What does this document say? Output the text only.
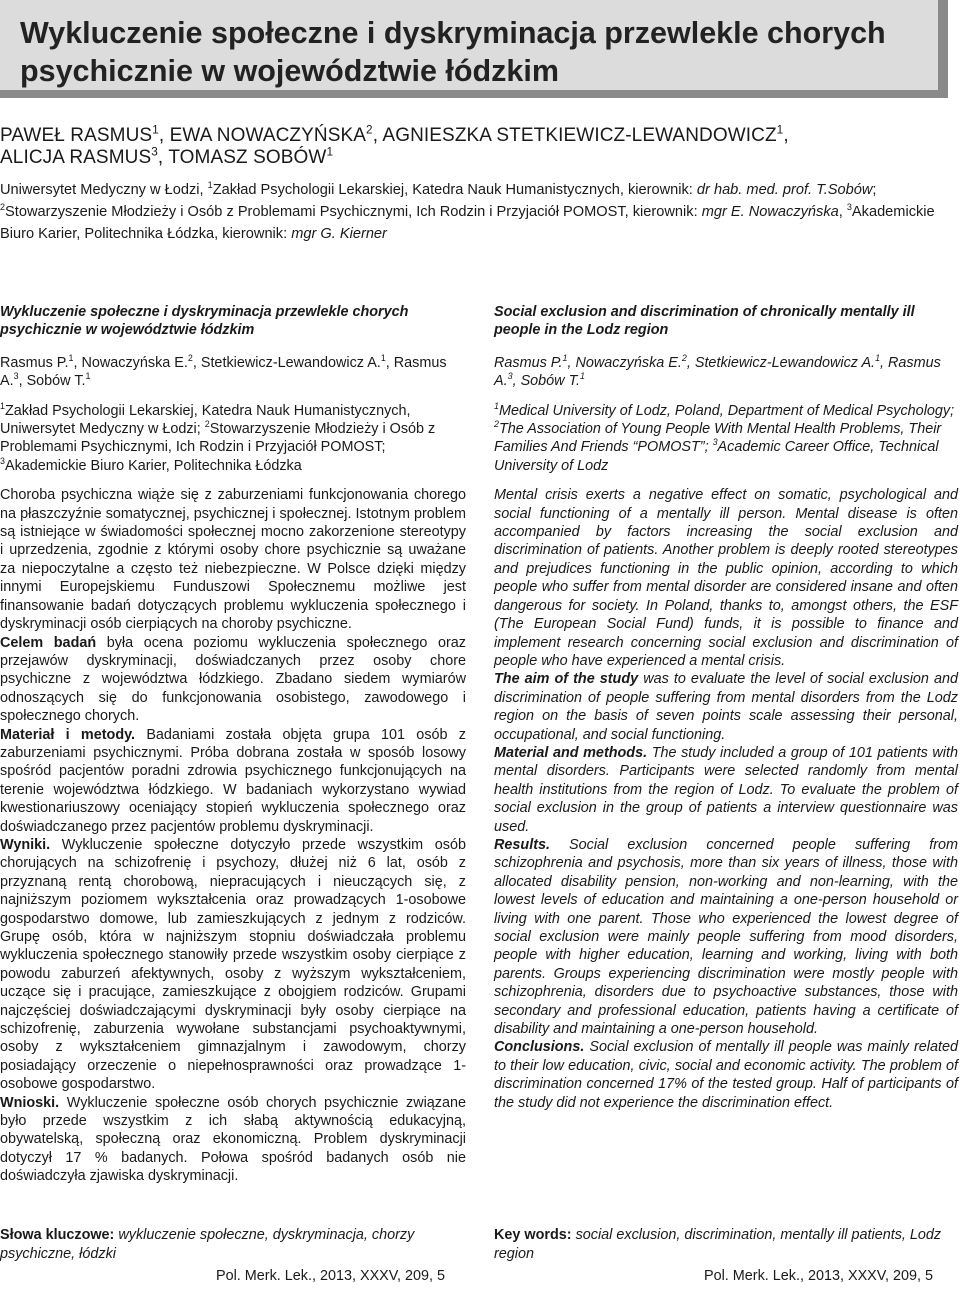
Wykluczenie społeczne i dyskryminacja przewlekle chorych psychicznie w województwie łódzkim
PAWEŁ RASMUS$^1$, EWA NOWACZYŃSKA$^2$, AGNIESZKA STETKIEWICZ-LEWANDOWICZ$^1$,
ALICJA RASMUS$^3$, TOMASZ SOBÓW$^1$
Uniwersytet Medyczny w Łodzi, $^1$Zakład Psychologii Lekarskiej, Katedra Nauk Humanistycznych, kierownik: dr hab. med. prof. T.Sobów;
$^2$Stowarzyszenie Młodzieży i Osób z Problemami Psychicznymi, Ich Rodzin i Przyjaciół POMOST, kierownik: mgr E. Nowaczyńska, $^3$Akademickie Biuro Karier, Politechnika Łódzka, kierownik: mgr G. Kierner

Wykluczenie społeczne i dyskryminacja przewlekle chorych psychicznie w województwie łódzkim

Rasmus P.$^1$, Nowaczyńska E.$^2$, Stetkiewicz-Lewandowicz A.$^1$, Rasmus A.$^3$, Sobów T.$^1$

$^1$Zakład Psychologii Lekarskiej, Katedra Nauk Humanistycznych, Uniwersytet Medyczny w Łodzi; $^2$Stowarzyszenie Młodzieży i Osób z Problemami Psychicznymi, Ich Rodzin i Przyjaciół POMOST; $^3$Akademickie Biuro Karier, Politechnika Łódzka

Choroba psychiczna wiąże się z zaburzeniami funkcjonowania chorego na płaszczyźnie somatycznej, psychicznej i społecznej. Istotnym problem są istniejące w świadomości społecznej mocno zakorzenione stereotypy i uprzedzenia, zgodnie z którymi osoby chore psychicznie są uważane za niepoczytalne a często też niebezpieczne. W Polsce dzięki między innymi Europejskiemu Funduszowi Społecznemu możliwe jest finansowanie badań dotyczących problemu wykluczenia społecznego i dyskryminacji osób cierpiących na choroby psychiczne.

Celem badań była ocena poziomu wykluczenia społecznego oraz przejawów dyskryminacji, doświadczanych przez osoby chore psychiczne z województwa łódzkiego. Zbadano siedem wymiarów odnoszących się do funkcjonowania osobistego, zawodowego i społecznego chorych.

Materiał i metody. Badaniami została objęta grupa 101 osób z zaburzeniami psychicznymi. Próba dobrana została w sposób losowy spośród pacjentów poradni zdrowia psychicznego funkcjonujących na terenie województwa łódzkiego. W badaniach wykorzystano wywiad kwestionariuszowy oceniający stopień wykluczenia społecznego oraz doświadczanego przez pacjentów problemu dyskryminacji.

Wyniki. Wykluczenie społeczne dotyczyło przede wszystkim osób chorujących na schizofrenię i psychozy, dłużej niż 6 lat, osób z przyznaną rentą chorobową, niepracujących i nieuczących się, z najniższym poziomem wykształcenia oraz prowadzących 1-osobowe gospodarstwo domowe, lub zamieszkujących z jednym z rodziców. Grupę osób, która w najniższym stopniu doświadczała problemu wykluczenia społecznego stanowiły przede wszystkim osoby cierpiące z powodu zaburzeń afektywnych, osoby z wyższym wykształceniem, uczące się i pracujące, zamieszkujące z obojgiem rodziców. Grupami najczęściej doświadczającymi dyskryminacji były osoby cierpiące na schizofrenię, zaburzenia wywołane substancjami psychoaktywnymi, osoby z wykształceniem gimnazjalnym i zawodowym, chorzy posiadający orzeczenie o niepełnosprawności oraz prowadzące 1-osobowe gospodarstwo.

Wnioski. Wykluczenie społeczne osób chorych psychicznie związane było przede wszystkim z ich słabą aktywnością edukacyjną, obywatelską, społeczną oraz ekonomiczną. Problem dyskryminacji dotyczył 17 % badanych. Połowa spośród badanych osób nie doświadczyła zjawiska dyskryminacji.

Social exclusion and discrimination of chronically mentally ill people in the Lodz region

Rasmus P.$^1$, Nowaczyńska E.$^2$, Stetkiewicz-Lewandowicz A.$^1$, Rasmus A.$^3$, Sobów T.$^1$

$^1$Medical University of Lodz, Poland, Department of Medical Psychology; $^2$The Association of Young People With Mental Health Problems, Their Families And Friends “POMOST”; $^3$Academic Career Office, Technical University of Lodz

Mental crisis exerts a negative effect on somatic, psychological and social functioning of a mentally ill person. Mental disease is often accompanied by factors increasing the social exclusion and discrimination of patients. Another problem is deeply rooted stereotypes and prejudices functioning in the public opinion, according to which people who suffer from mental disorder are considered insane and often dangerous for society. In Poland, thanks to, amongst others, the ESF (The European Social Fund) funds, it is possible to finance and implement research concerning social exclusion and discrimination of people who have experienced a mental crisis.

The aim of the study was to evaluate the level of social exclusion and discrimination of people suffering from mental disorders from the Lodz region on the basis of seven points scale assessing their personal, occupational, and social functioning.

Material and methods. The study included a group of 101 patients with mental disorders. Participants were selected randomly from mental health institutions from the region of Lodz. To evaluate the problem of social exclusion in the group of patients a interview questionnaire was used.

Results. Social exclusion concerned people suffering from schizophrenia and psychosis, more than six years of illness, those with allocated disability pension, non-working and non-learning, with the lowest levels of education and maintaining a one-person household or living with one parent. Those who experienced the lowest degree of social exclusion were mainly people suffering from mood disorders, people with higher education, learning and working, living with both parents. Groups experiencing discrimination were mostly people with schizophrenia, disorders due to psychoactive substances, those with secondary and professional education, patients having a certificate of disability and maintaining a one-person household.

Conclusions. Social exclusion of mentally ill people was mainly related to their low education, civic, social and economic activity. The problem of discrimination concerned 17% of the tested group. Half of participants of the study did not experience the discrimination effect.

Słowa kluczowe: wykluczenie społeczne, dyskryminacja, chorzy psychiczne, łódzki
Key words: social exclusion, discrimination, mentally ill patients, Lodz region
Pol. Merk. Lek., 2013, XXXV, 209, 5	Pol. Merk. Lek., 2013, XXXV, 209, 5
